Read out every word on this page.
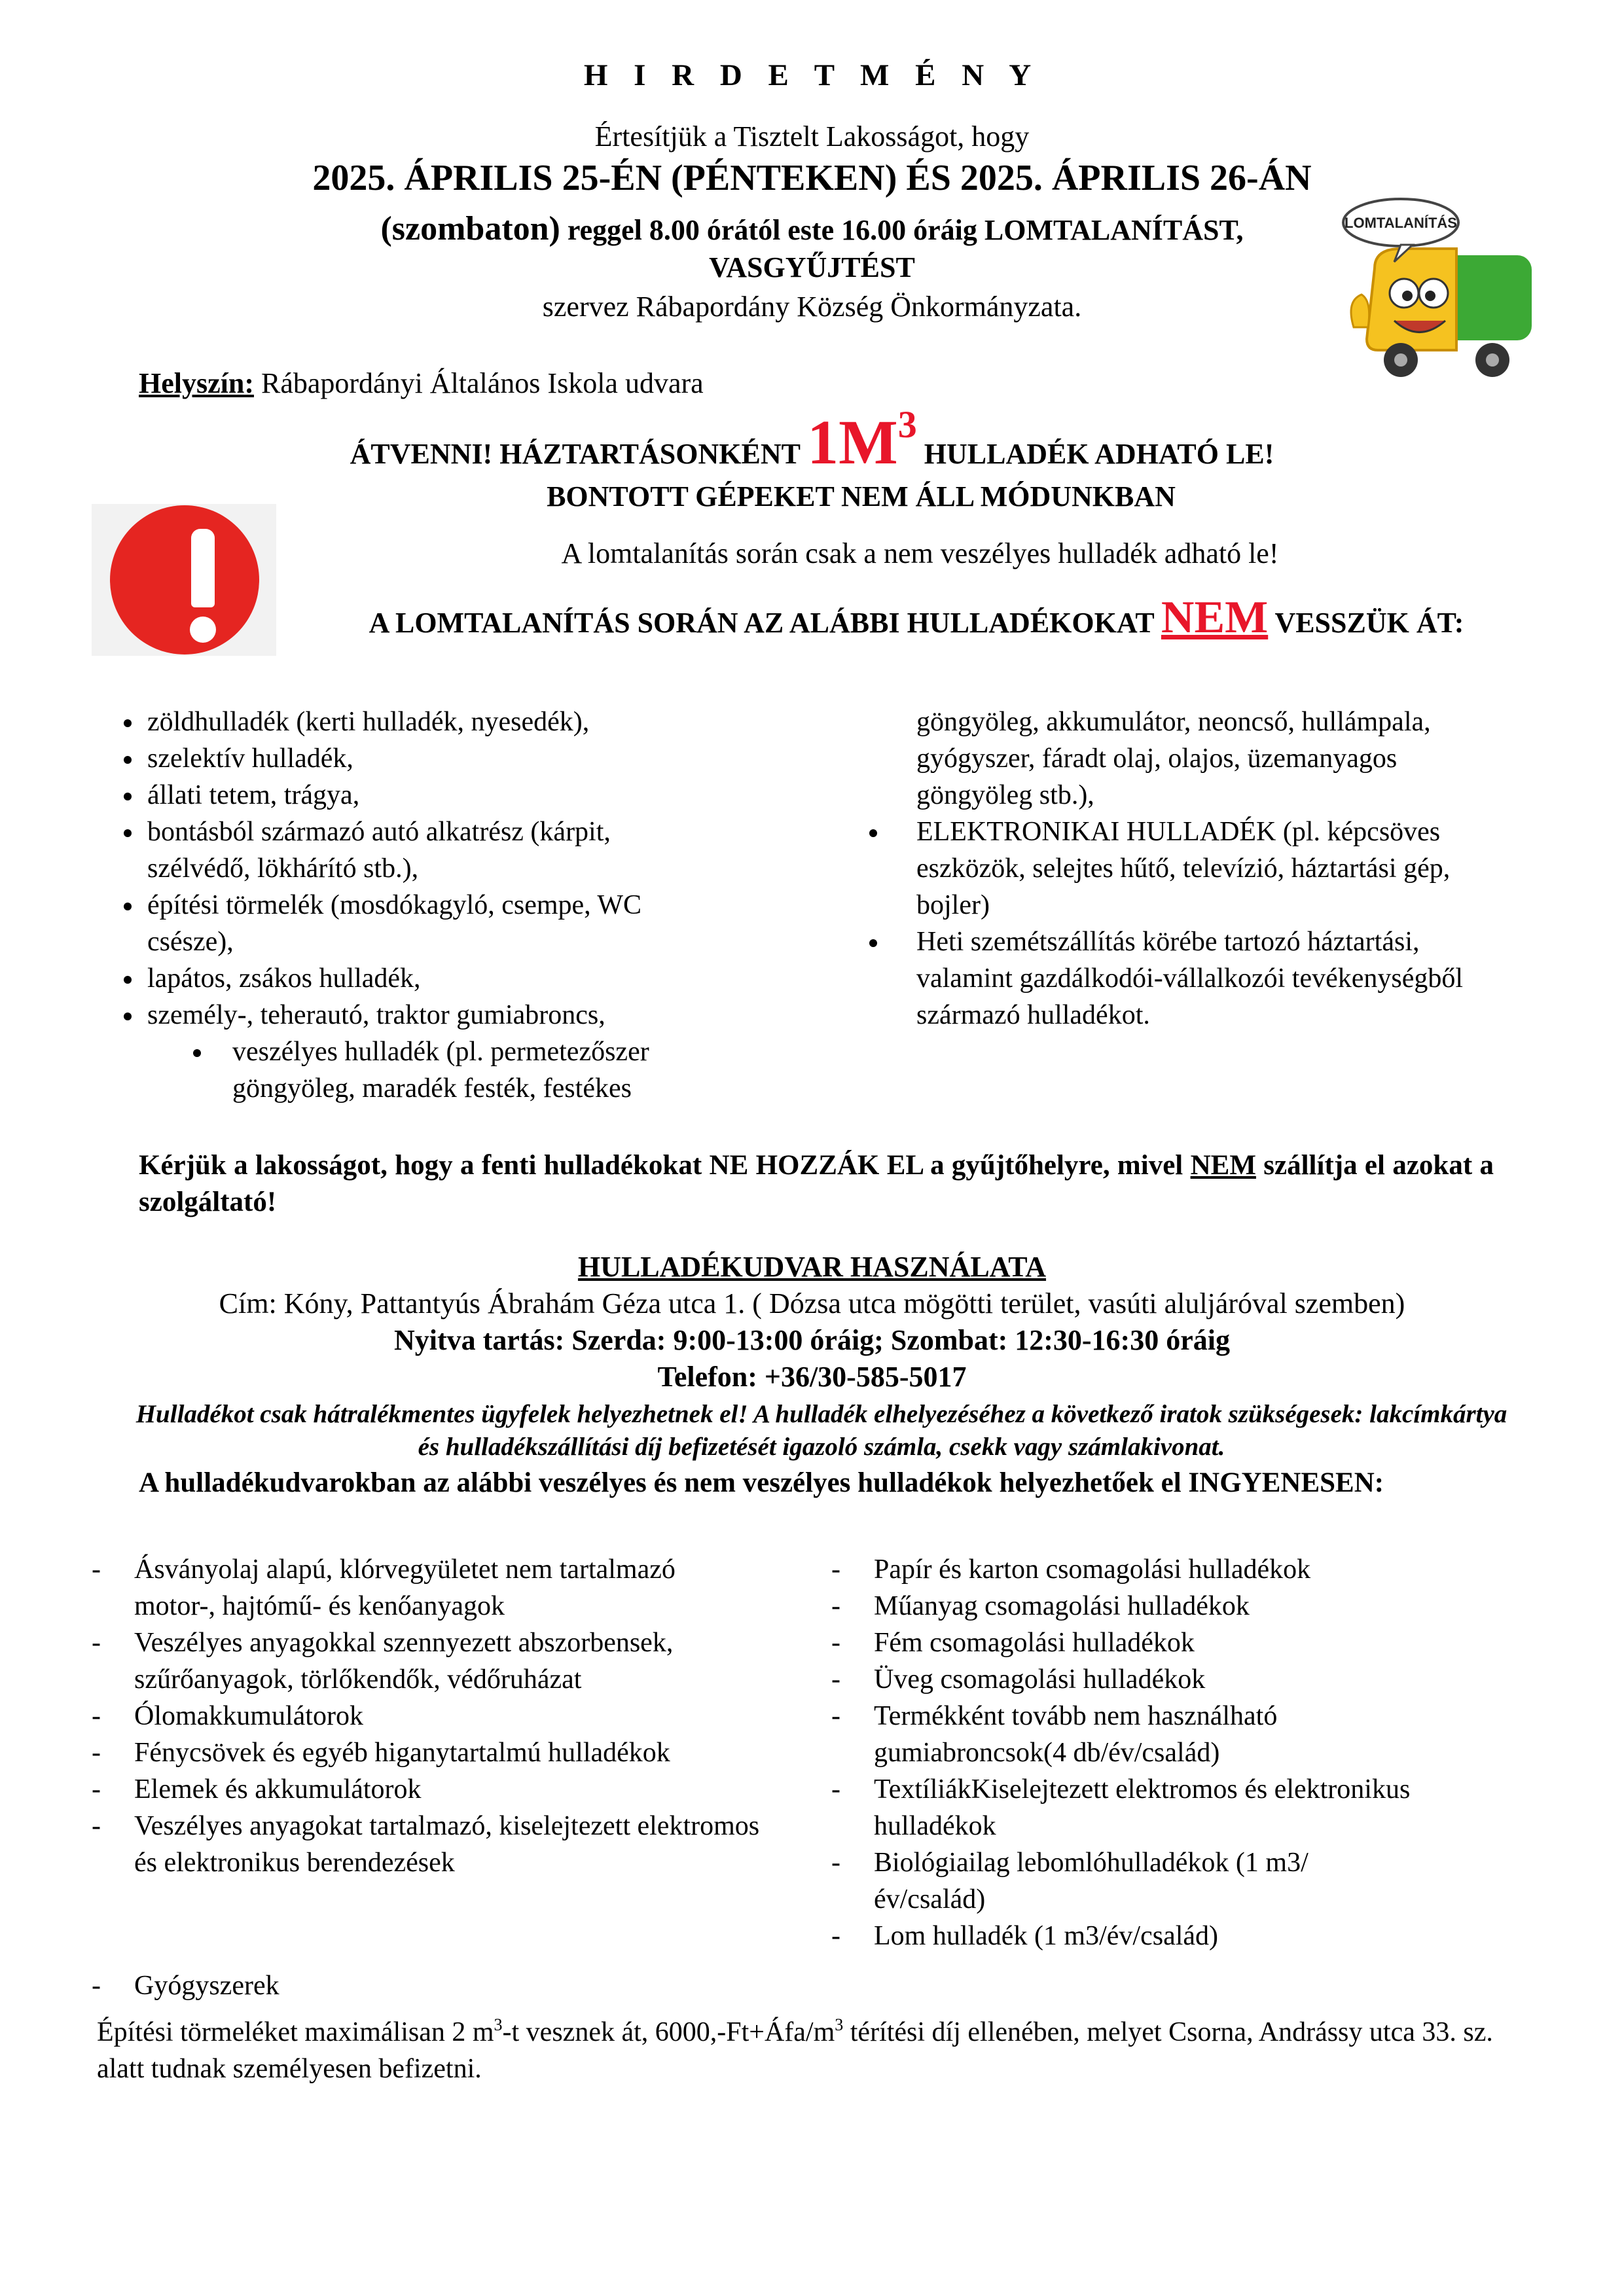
H I R D E T M É N Y
Értesítjük a Tisztelt Lakosságot, hogy
2025. ÁPRILIS 25-ÉN (PÉNTEKEN) ÉS 2025. ÁPRILIS 26-ÁN
(szombaton) reggel 8.00 órától este 16.00 óráig LOMTALANÍTÁST,
VASGYŰJTÉST
szervez Rábapordány Község Önkormányzata.
LOMTALANÍTÁS
Helyszín: Rábapordányi Általános Iskola udvara
ÁTVENNI! HÁZTARTÁSONKÉNT $1M^3$ HULLADÉK ADHATÓ LE!
BONTOTT GÉPEKET NEM ÁLL MÓDUNKBAN
A lomtalanítás során csak a nem veszélyes hulladék adható le!
A LOMTALANÍTÁS SORÁN AZ ALÁBBI HULLADÉKOKAT NEM VESSZÜK ÁT:
zöldhulladék (kerti hulladék, nyesedék),
szelektív hulladék,
állati tetem, trágya,
bontásból származó autó alkatrész (kárpit, szélvédő, lökhárító stb.),
építési törmelék (mosdókagyló, csempe, WC csésze),
lapátos, zsákos hulladék,
személy-, teherautó, traktor gumiabroncs,
veszélyes hulladék (pl. permetezőszer göngyöleg, maradék festék, festékes
göngyöleg, akkumulátor, neoncső, hullámpala, gyógyszer, fáradt olaj, olajos, üzemanyagos göngyöleg stb.),
ELEKTRONIKAI HULLADÉK (pl. képcsöves eszközök, selejtes hűtő, televízió, háztartási gép, bojler)
Heti szemétszállítás körébe tartozó háztartási, valamint gazdálkodói-vállalkozói tevékenységből származó hulladékot.
Kérjük a lakosságot, hogy a fenti hulladékokat NE HOZZÁK EL a gyűjtőhelyre, mivel NEM szállítja el azokat a szolgáltató!
HULLADÉKUDVAR HASZNÁLATA
Cím: Kóny, Pattantyús Ábrahám Géza utca 1. ( Dózsa utca mögötti terület, vasúti aluljáróval szemben)
Nyitva tartás: Szerda: 9:00-13:00 óráig; Szombat: 12:30-16:30 óráig
Telefon: +36/30-585-5017
Hulladékot csak hátralékmentes ügyfelek helyezhetnek el! A hulladék elhelyezéséhez a következő iratok szükségesek: lakcímkártya és hulladékszállítási díj befizetését igazoló számla, csekk vagy számlakivonat.
A hulladékudvarokban az alábbi veszélyes és nem veszélyes hulladékok helyezhetőek el INGYENESEN:
- Ásványolaj alapú, klórvegyületet nem tartalmazó motor-, hajtómű- és kenőanyagok
- Veszélyes anyagokkal szennyezett abszorbensek, szűrőanyagok, törlőkendők, védőruházat
- Ólomakkumulátorok
- Fénycsövek és egyéb higanytartalmú hulladékok
- Elemek és akkumulátorok
- Veszélyes anyagokat tartalmazó, kiselejtezett elektromos és elektronikus berendezések
- Papír és karton csomagolási hulladékok
- Műanyag csomagolási hulladékok
- Fém csomagolási hulladékok
- Üveg csomagolási hulladékok
- Termékként tovább nem használható gumiabroncsok(4 db/év/család)
- TextíliákKiselejtezett elektromos és elektronikus hulladékok
- Biológiailag lebomlóhulladékok (1 m3/év/család)
- Lom hulladék (1 m3/év/család)
- Gyógyszerek
Építési törmeléket maximálisan 2 $m^3-t$ vesznek át, $6000,-Ft+Áfa/m^3$ térítési díj ellenében, melyet Csorna, Andrássy utca 33. sz. alatt tudnak személyesen befizetni.
